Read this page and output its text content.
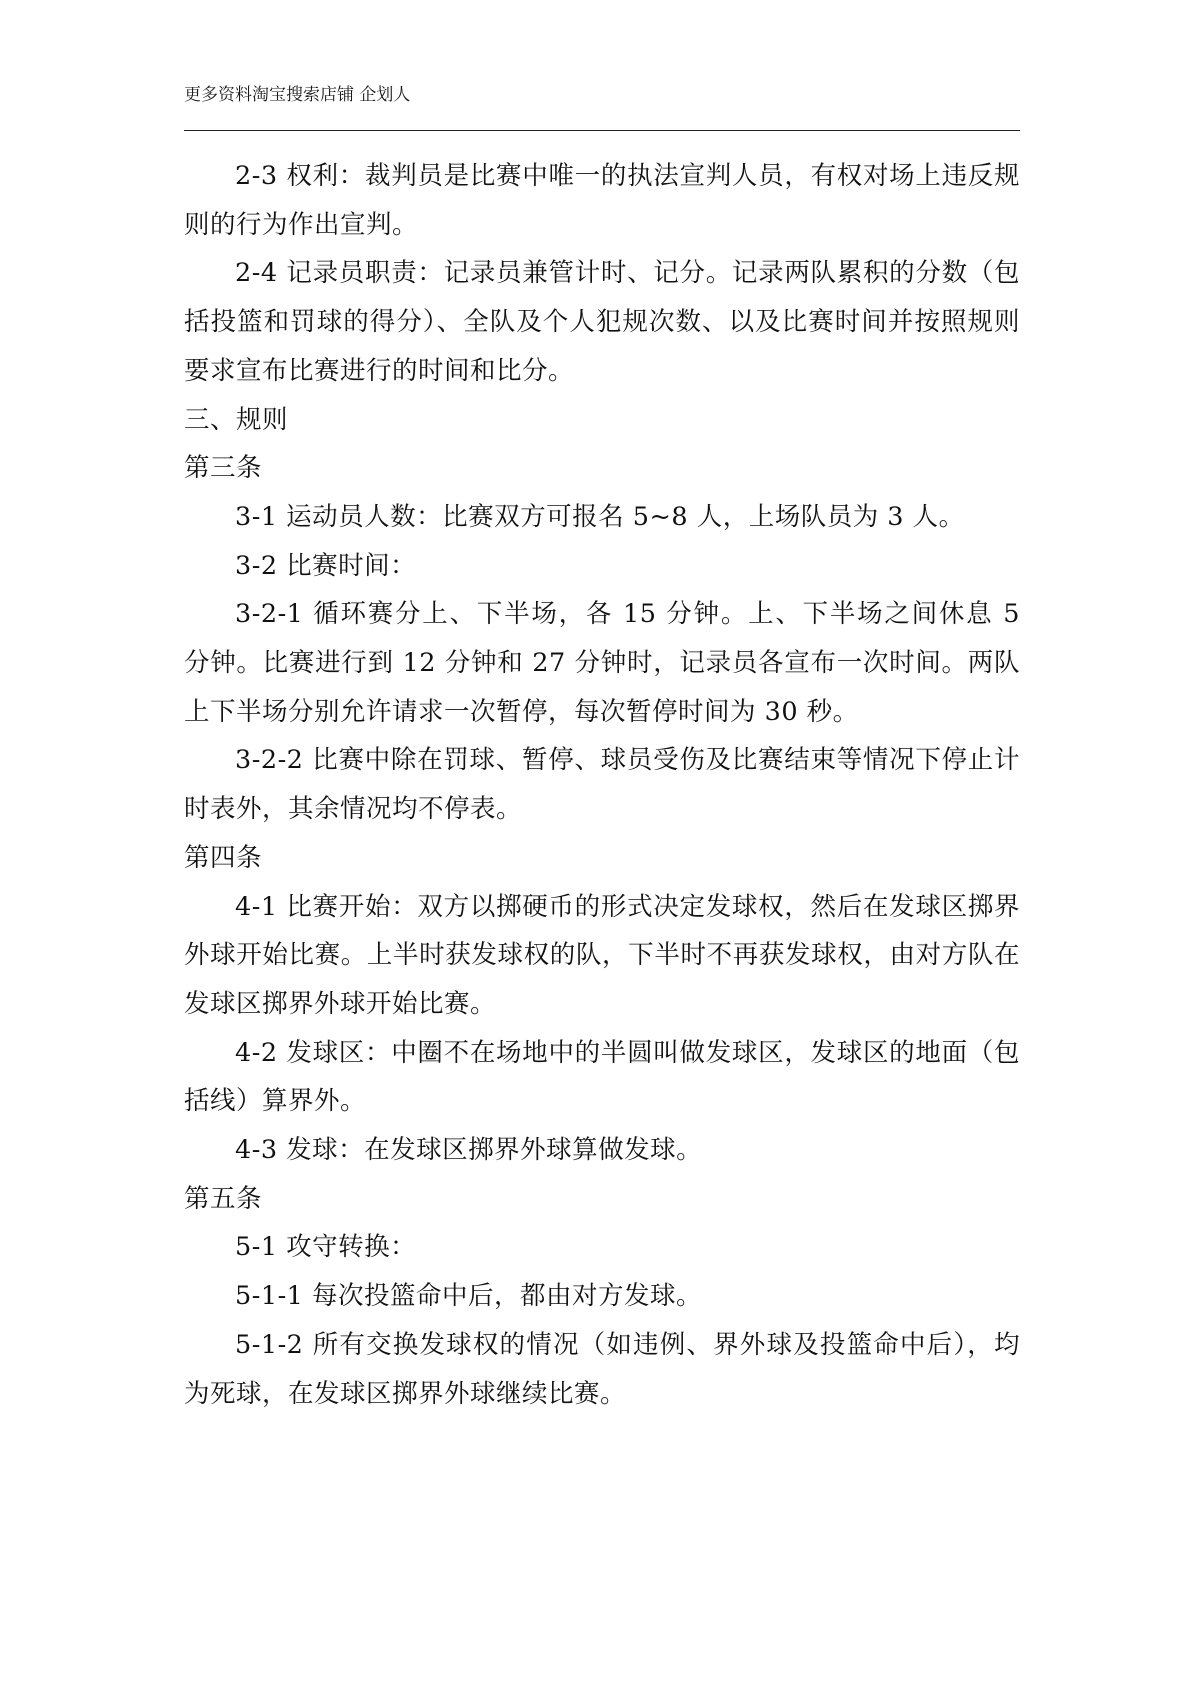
更多资料淘宝搜索店铺 企划人

2-3 权利：裁判员是比赛中唯一的执法宣判人员，有权对场上违反规则的行为作出宣判。

2-4 记录员职责：记录员兼管计时、记分。记录两队累积的分数（包括投篮和罚球的得分）、全队及个人犯规次数、以及比赛时间并按照规则要求宣布比赛进行的时间和比分。

三、规则

第三条

3-1 运动员人数：比赛双方可报名 5~8 人，上场队员为 3 人。

3-2 比赛时间：

3-2-1 循环赛分上、下半场，各 15 分钟。上、下半场之间休息 5 分钟。比赛进行到 12 分钟和 27 分钟时，记录员各宣布一次时间。两队上下半场分别允许请求一次暂停，每次暂停时间为 30 秒。

3-2-2 比赛中除在罚球、暂停、球员受伤及比赛结束等情况下停止计时表外，其余情况均不停表。

第四条

4-1 比赛开始：双方以掷硬币的形式决定发球权，然后在发球区掷界外球开始比赛。上半时获发球权的队，下半时不再获发球权，由对方队在发球区掷界外球开始比赛。

4-2 发球区：中圈不在场地中的半圆叫做发球区，发球区的地面（包括线）算界外。

4-3 发球：在发球区掷界外球算做发球。

第五条

5-1 攻守转换：

5-1-1 每次投篮命中后，都由对方发球。

5-1-2 所有交换发球权的情况（如违例、界外球及投篮命中后），均为死球，在发球区掷界外球继续比赛。
